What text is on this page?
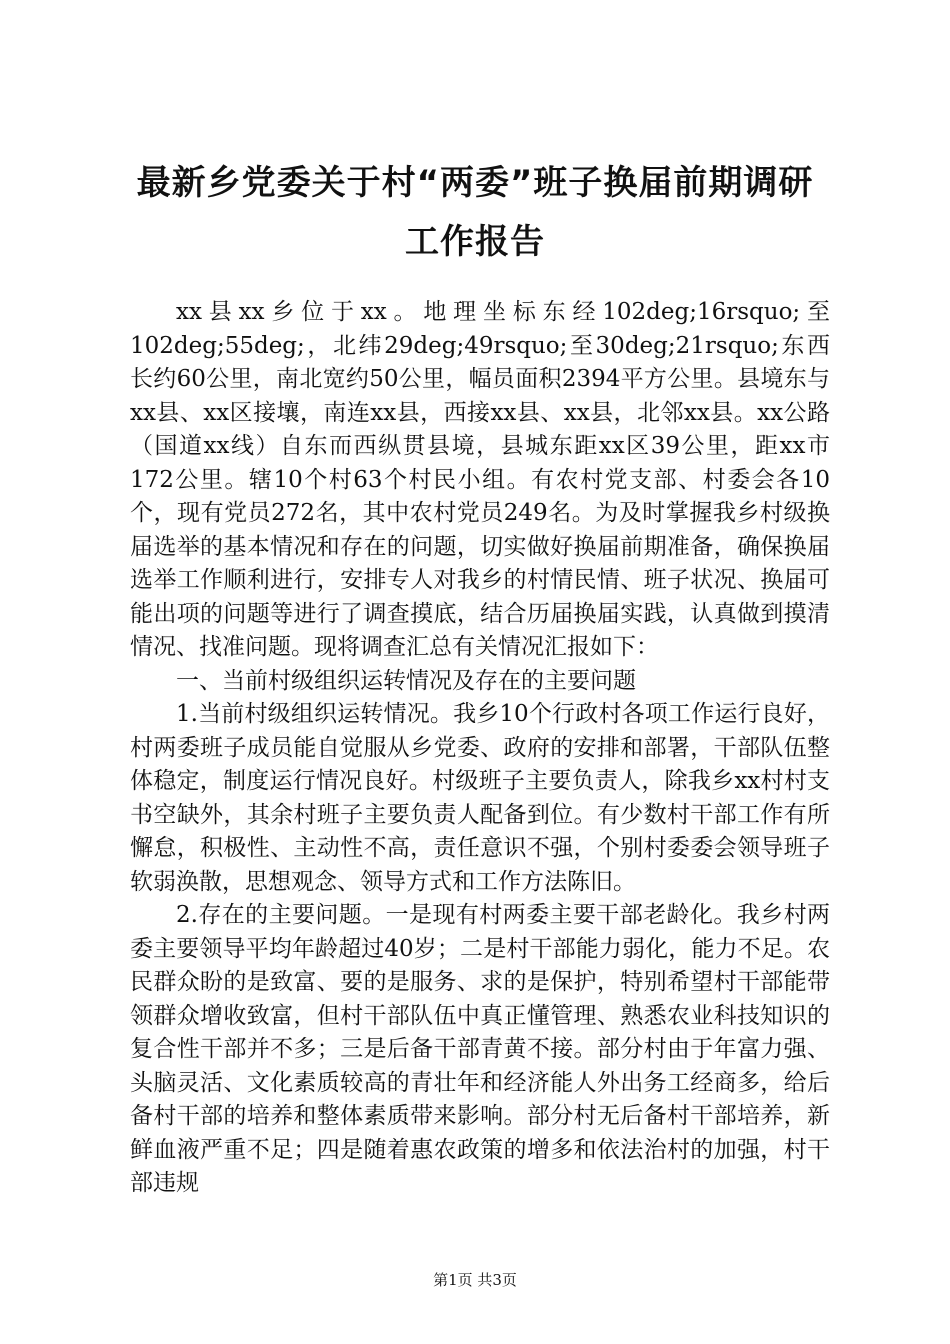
最新乡党委关于村“两委”班子换届前期调研
工作报告

xx县xx乡位于xx。地理坐标东经102deg;16rsquo;至102deg;55deg;，北纬29deg;49rsquo;至30deg;21rsquo;东西长约60公里，南北宽约50公里，幅员面积2394平方公里。县境东与xx县、xx区接壤，南连xx县，西接xx县、xx县，北邻xx县。xx公路（国道xx线）自东而西纵贯县境，县城东距xx区39公里，距xx市172公里。辖10个村63个村民小组。有农村党支部、村委会各10个，现有党员272名，其中农村党员249名。为及时掌握我乡村级换届选举的基本情况和存在的问题，切实做好换届前期准备，确保换届选举工作顺利进行，安排专人对我乡的村情民情、班子状况、换届可能出项的问题等进行了调查摸底，结合历届换届实践，认真做到摸清情况、找准问题。现将调查汇总有关情况汇报如下：

一、当前村级组织运转情况及存在的主要问题

1.当前村级组织运转情况。我乡10个行政村各项工作运行良好，村两委班子成员能自觉服从乡党委、政府的安排和部署，干部队伍整体稳定，制度运行情况良好。村级班子主要负责人，除我乡xx村村支书空缺外，其余村班子主要负责人配备到位。有少数村干部工作有所懈怠，积极性、主动性不高，责任意识不强，个别村委委会领导班子软弱涣散，思想观念、领导方式和工作方法陈旧。

2.存在的主要问题。一是现有村两委主要干部老龄化。我乡村两委主要领导平均年龄超过40岁；二是村干部能力弱化，能力不足。农民群众盼的是致富、要的是服务、求的是保护，特别希望村干部能带领群众增收致富，但村干部队伍中真正懂管理、熟悉农业科技知识的复合性干部并不多；三是后备干部青黄不接。部分村由于年富力强、头脑灵活、文化素质较高的青壮年和经济能人外出务工经商多，给后备村干部的培养和整体素质带来影响。部分村无后备村干部培养，新鲜血液严重不足；四是随着惠农政策的增多和依法治村的加强，村干部违规

第1页 共3页
